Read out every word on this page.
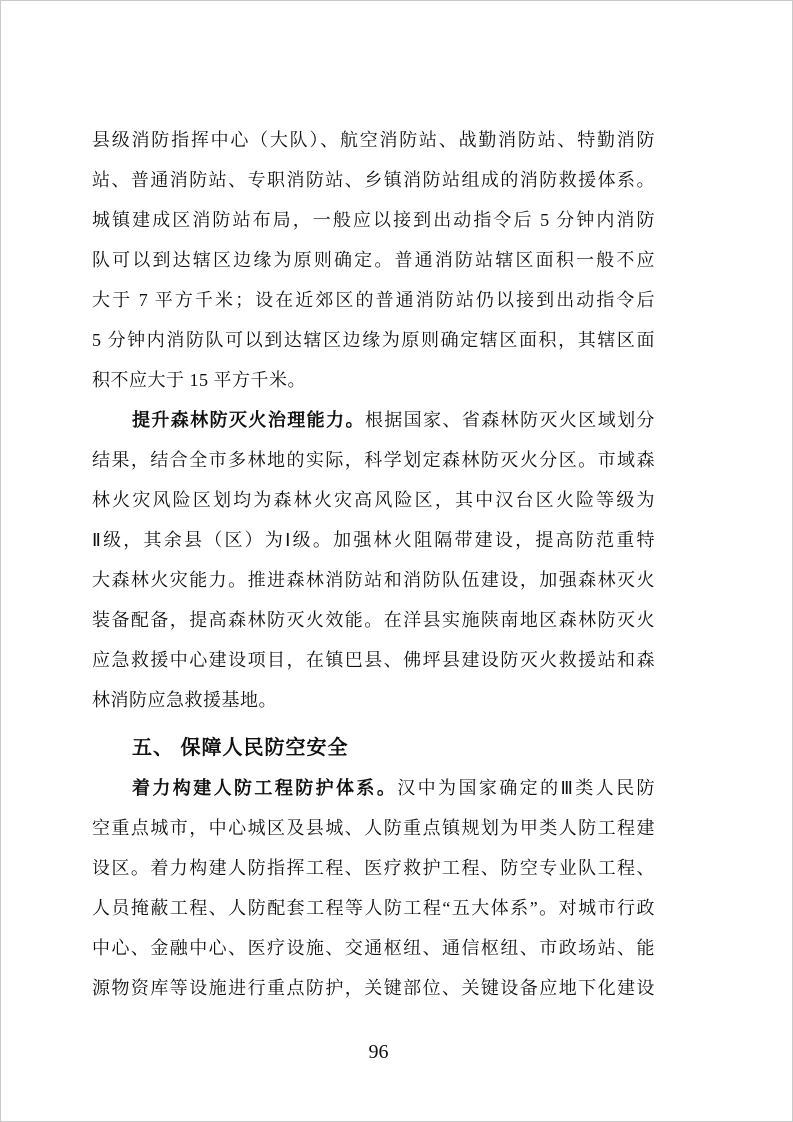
县级消防指挥中心（大队）、航空消防站、战勤消防站、特勤消防
站、普通消防站、专职消防站、乡镇消防站组成的消防救援体系。
城镇建成区消防站布局，一般应以接到出动指令后 5 分钟内消防
队可以到达辖区边缘为原则确定。普通消防站辖区面积一般不应
大于 7 平方千米；设在近郊区的普通消防站仍以接到出动指令后
5 分钟内消防队可以到达辖区边缘为原则确定辖区面积，其辖区面
积不应大于 15 平方千米。
提升森林防灭火治理能力。根据国家、省森林防灭火区域划分
结果，结合全市多林地的实际，科学划定森林防灭火分区。市域森
林火灾风险区划均为森林火灾高风险区，其中汉台区火险等级为
Ⅱ级，其余县（区）为Ⅰ级。加强林火阻隔带建设，提高防范重特
大森林火灾能力。推进森林消防站和消防队伍建设，加强森林灭火
装备配备，提高森林防灭火效能。在洋县实施陕南地区森林防灭火
应急救援中心建设项目，在镇巴县、佛坪县建设防灭火救援站和森
林消防应急救援基地。
五、 保障人民防空安全
着力构建人防工程防护体系。汉中为国家确定的Ⅲ类人民防
空重点城市，中心城区及县城、人防重点镇规划为甲类人防工程建
设区。着力构建人防指挥工程、医疗救护工程、防空专业队工程、
人员掩蔽工程、人防配套工程等人防工程“五大体系”。对城市行政
中心、金融中心、医疗设施、交通枢纽、通信枢纽、市政场站、能
源物资库等设施进行重点防护，关键部位、关键设备应地下化建设
96
